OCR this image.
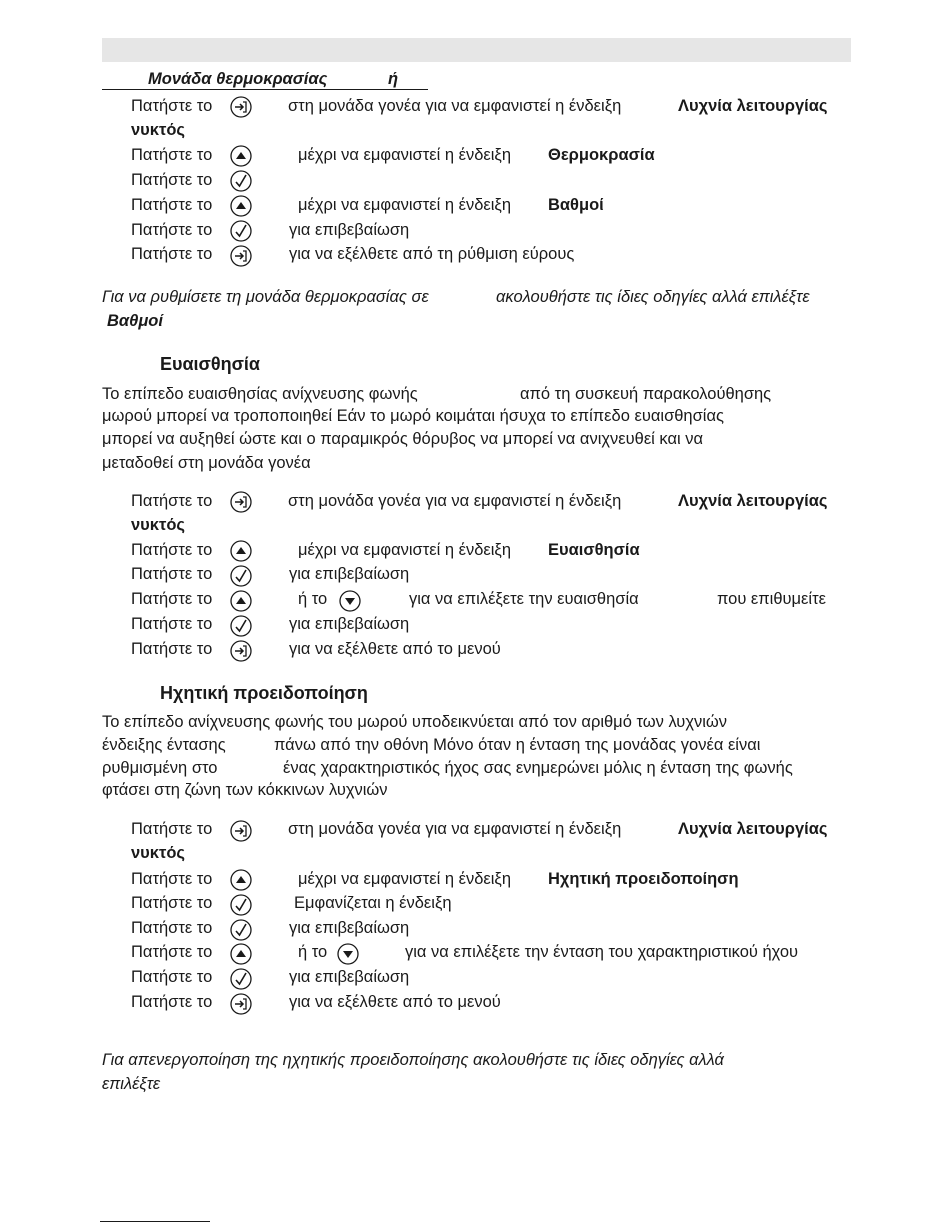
Μονάδα θερμοκρασίας	ή
Πατήστε το	στη μονάδα γονέα για να εμφανιστεί η ένδειξη	Λυχνία λειτουργίας
νυκτός
Πατήστε το	μέχρι να εμφανιστεί η ένδειξη Θερμοκρασία
Πατήστε το
Πατήστε το	μέχρι να εμφανιστεί η ένδειξη Βαθμοί
Πατήστε το	για επιβεβαίωση
Πατήστε το	για να εξέλθετε από τη ρύθμιση εύρους
Για να ρυθμίσετε τη μονάδα θερμοκρασίας σε	ακολουθήστε τις ίδιες οδηγίες αλλά επιλέξτε
Βαθμοί
Ευαισθησία
Το επίπεδο ευαισθησίας ανίχνευσης φωνής	από τη συσκευή παρακολούθησης
μωρού μπορεί να τροποποιηθεί Εάν το μωρό κοιμάται ήσυχα το επίπεδο ευαισθησίας
μπορεί να αυξηθεί ώστε και ο παραμικρός θόρυβος να μπορεί να ανιχνευθεί και να
μεταδοθεί στη μονάδα γονέα
Πατήστε το	στη μονάδα γονέα για να εμφανιστεί η ένδειξη	Λυχνία λειτουργίας
νυκτός
Πατήστε το	μέχρι να εμφανιστεί η ένδειξη Ευαισθησία
Πατήστε το	για επιβεβαίωση
Πατήστε το	ή το	για να επιλέξετε την ευαισθησία	που επιθυμείτε
Πατήστε το	για επιβεβαίωση
Πατήστε το	για να εξέλθετε από το μενού
Ηχητική προειδοποίηση
Το επίπεδο ανίχνευσης φωνής του μωρού υποδεικνύεται από τον αριθμό των λυχνιών
ένδειξης έντασης	πάνω από την οθόνη Μόνο όταν η ένταση της μονάδας γονέα είναι
ρυθμισμένη στο	ένας χαρακτηριστικός ήχος σας ενημερώνει μόλις η ένταση της φωνής
φτάσει στη ζώνη των κόκκινων λυχνιών
Πατήστε το	στη μονάδα γονέα για να εμφανιστεί η ένδειξη	Λυχνία λειτουργίας
νυκτός
Πατήστε το	μέχρι να εμφανιστεί η ένδειξη Ηχητική προειδοποίηση
Πατήστε το	Εμφανίζεται η ένδειξη
Πατήστε το	για επιβεβαίωση
Πατήστε το	ή το	για να επιλέξετε την ένταση του χαρακτηριστικού ήχου
Πατήστε το	για επιβεβαίωση
Πατήστε το	για να εξέλθετε από το μενού
Για απενεργοποίηση της ηχητικής προειδοποίησης ακολουθήστε τις ίδιες οδηγίες αλλά
επιλέξτε
